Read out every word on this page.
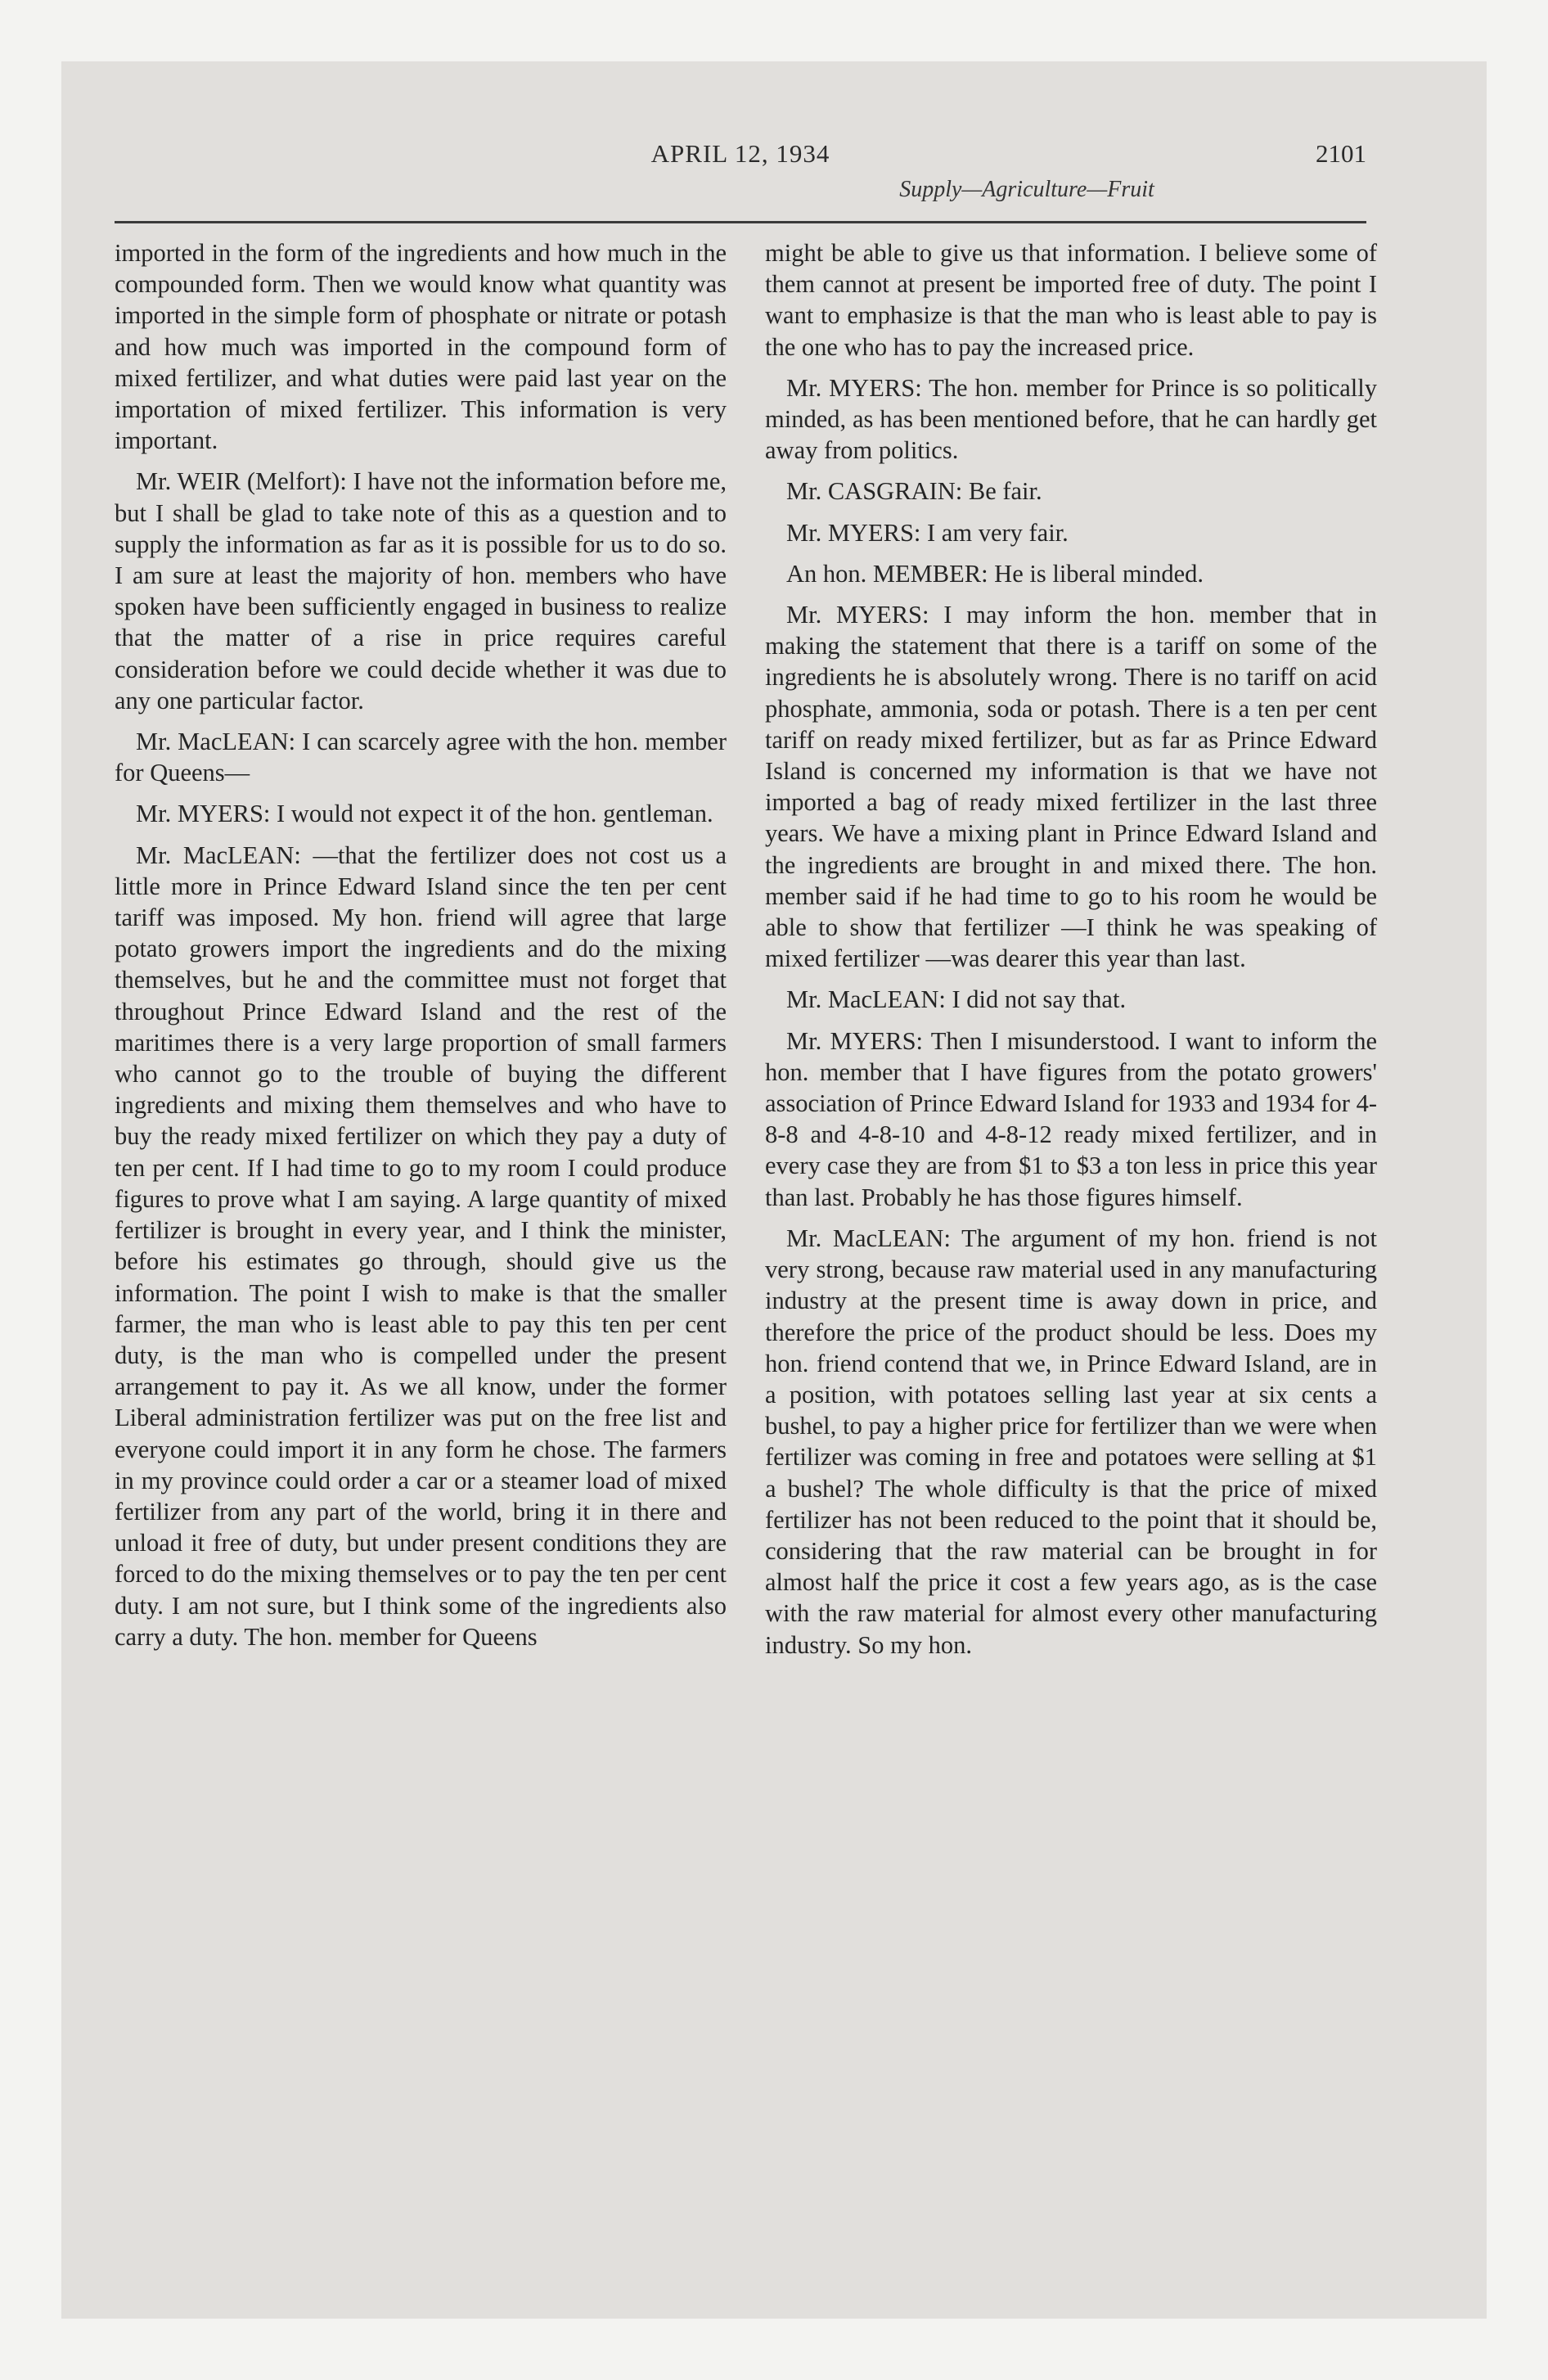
APRIL 12, 1934	2101
Supply—Agriculture—Fruit

imported in the form of the ingredients and how much in the compounded form. Then we would know what quantity was imported in the simple form of phosphate or nitrate or potash and how much was imported in the compound form of mixed fertilizer, and what duties were paid last year on the importation of mixed fertilizer. This information is very important.

Mr. WEIR (Melfort): I have not the information before me, but I shall be glad to take note of this as a question and to supply the information as far as it is possible for us to do so. I am sure at least the majority of hon. members who have spoken have been sufficiently engaged in business to realize that the matter of a rise in price requires careful consideration before we could decide whether it was due to any one particular factor.

Mr. MacLEAN: I can scarcely agree with the hon. member for Queens—

Mr. MYERS: I would not expect it of the hon. gentleman.

Mr. MacLEAN: —that the fertilizer does not cost us a little more in Prince Edward Island since the ten per cent tariff was imposed. My hon. friend will agree that large potato growers import the ingredients and do the mixing themselves, but he and the committee must not forget that throughout Prince Edward Island and the rest of the maritimes there is a very large proportion of small farmers who cannot go to the trouble of buying the different ingredients and mixing them themselves and who have to buy the ready mixed fertilizer on which they pay a duty of ten per cent. If I had time to go to my room I could produce figures to prove what I am saying. A large quantity of mixed fertilizer is brought in every year, and I think the minister, before his estimates go through, should give us the information. The point I wish to make is that the smaller farmer, the man who is least able to pay this ten per cent duty, is the man who is compelled under the present arrangement to pay it. As we all know, under the former Liberal administration fertilizer was put on the free list and everyone could import it in any form he chose. The farmers in my province could order a car or a steamer load of mixed fertilizer from any part of the world, bring it in there and unload it free of duty, but under present conditions they are forced to do the mixing themselves or to pay the ten per cent duty. I am not sure, but I think some of the ingredients also carry a duty. The hon. member for Queens

might be able to give us that information. I believe some of them cannot at present be imported free of duty. The point I want to emphasize is that the man who is least able to pay is the one who has to pay the increased price.

Mr. MYERS: The hon. member for Prince is so politically minded, as has been mentioned before, that he can hardly get away from politics.

Mr. CASGRAIN: Be fair.

Mr. MYERS: I am very fair.

An hon. MEMBER: He is liberal minded.

Mr. MYERS: I may inform the hon. member that in making the statement that there is a tariff on some of the ingredients he is absolutely wrong. There is no tariff on acid phosphate, ammonia, soda or potash. There is a ten per cent tariff on ready mixed fertilizer, but as far as Prince Edward Island is concerned my information is that we have not imported a bag of ready mixed fertilizer in the last three years. We have a mixing plant in Prince Edward Island and the ingredients are brought in and mixed there. The hon. member said if he had time to go to his room he would be able to show that fertilizer —I think he was speaking of mixed fertilizer —was dearer this year than last.

Mr. MacLEAN: I did not say that.

Mr. MYERS: Then I misunderstood. I want to inform the hon. member that I have figures from the potato growers' association of Prince Edward Island for 1933 and 1934 for 4-8-8 and 4-8-10 and 4-8-12 ready mixed fertilizer, and in every case they are from $1 to $3 a ton less in price this year than last. Probably he has those figures himself.

Mr. MacLEAN: The argument of my hon. friend is not very strong, because raw material used in any manufacturing industry at the present time is away down in price, and therefore the price of the product should be less. Does my hon. friend contend that we, in Prince Edward Island, are in a position, with potatoes selling last year at six cents a bushel, to pay a higher price for fertilizer than we were when fertilizer was coming in free and potatoes were selling at $1 a bushel? The whole difficulty is that the price of mixed fertilizer has not been reduced to the point that it should be, considering that the raw material can be brought in for almost half the price it cost a few years ago, as is the case with the raw material for almost every other manufacturing industry. So my hon.
